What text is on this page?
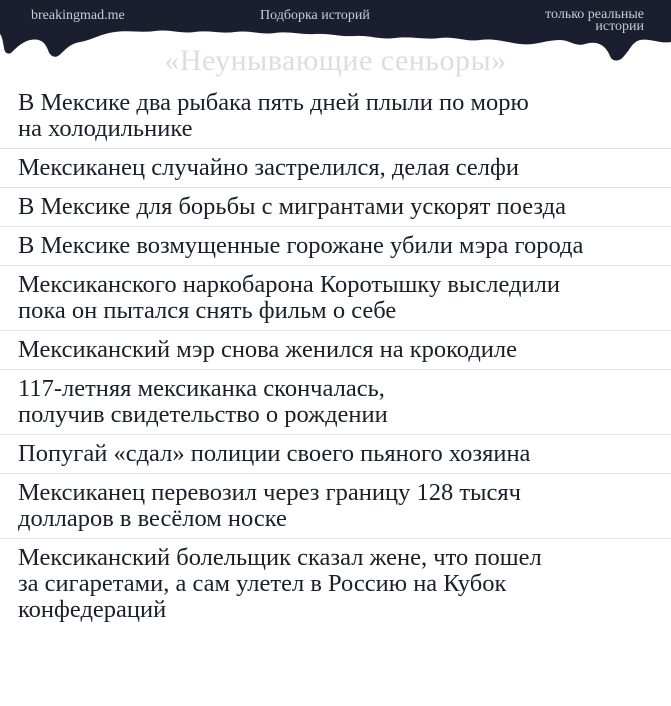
breakingmad.me	Подборка историй	только реальные истории
«Неунывающие сеньоры»
В Мексике два рыбака пять дней плыли по морю
на холодильнике
Мексиканец случайно застрелился, делая селфи
В Мексике для борьбы с мигрантами ускорят поезда
В Мексике возмущенные горожане убили мэра города
Мексиканского наркобарона Коротышку выследили
пока он пытался снять фильм о себе
Мексиканский мэр снова женился на крокодиле
117-летняя мексиканка скончалась,
получив свидетельство о рождении
Попугай «сдал» полиции своего пьяного хозяина
Мексиканец перевозил через границу 128 тысяч
долларов в весёлом носке
Мексиканский болельщик сказал жене, что пошел
за сигаретами, а сам улетел в Россию на Кубок
конфедераций
